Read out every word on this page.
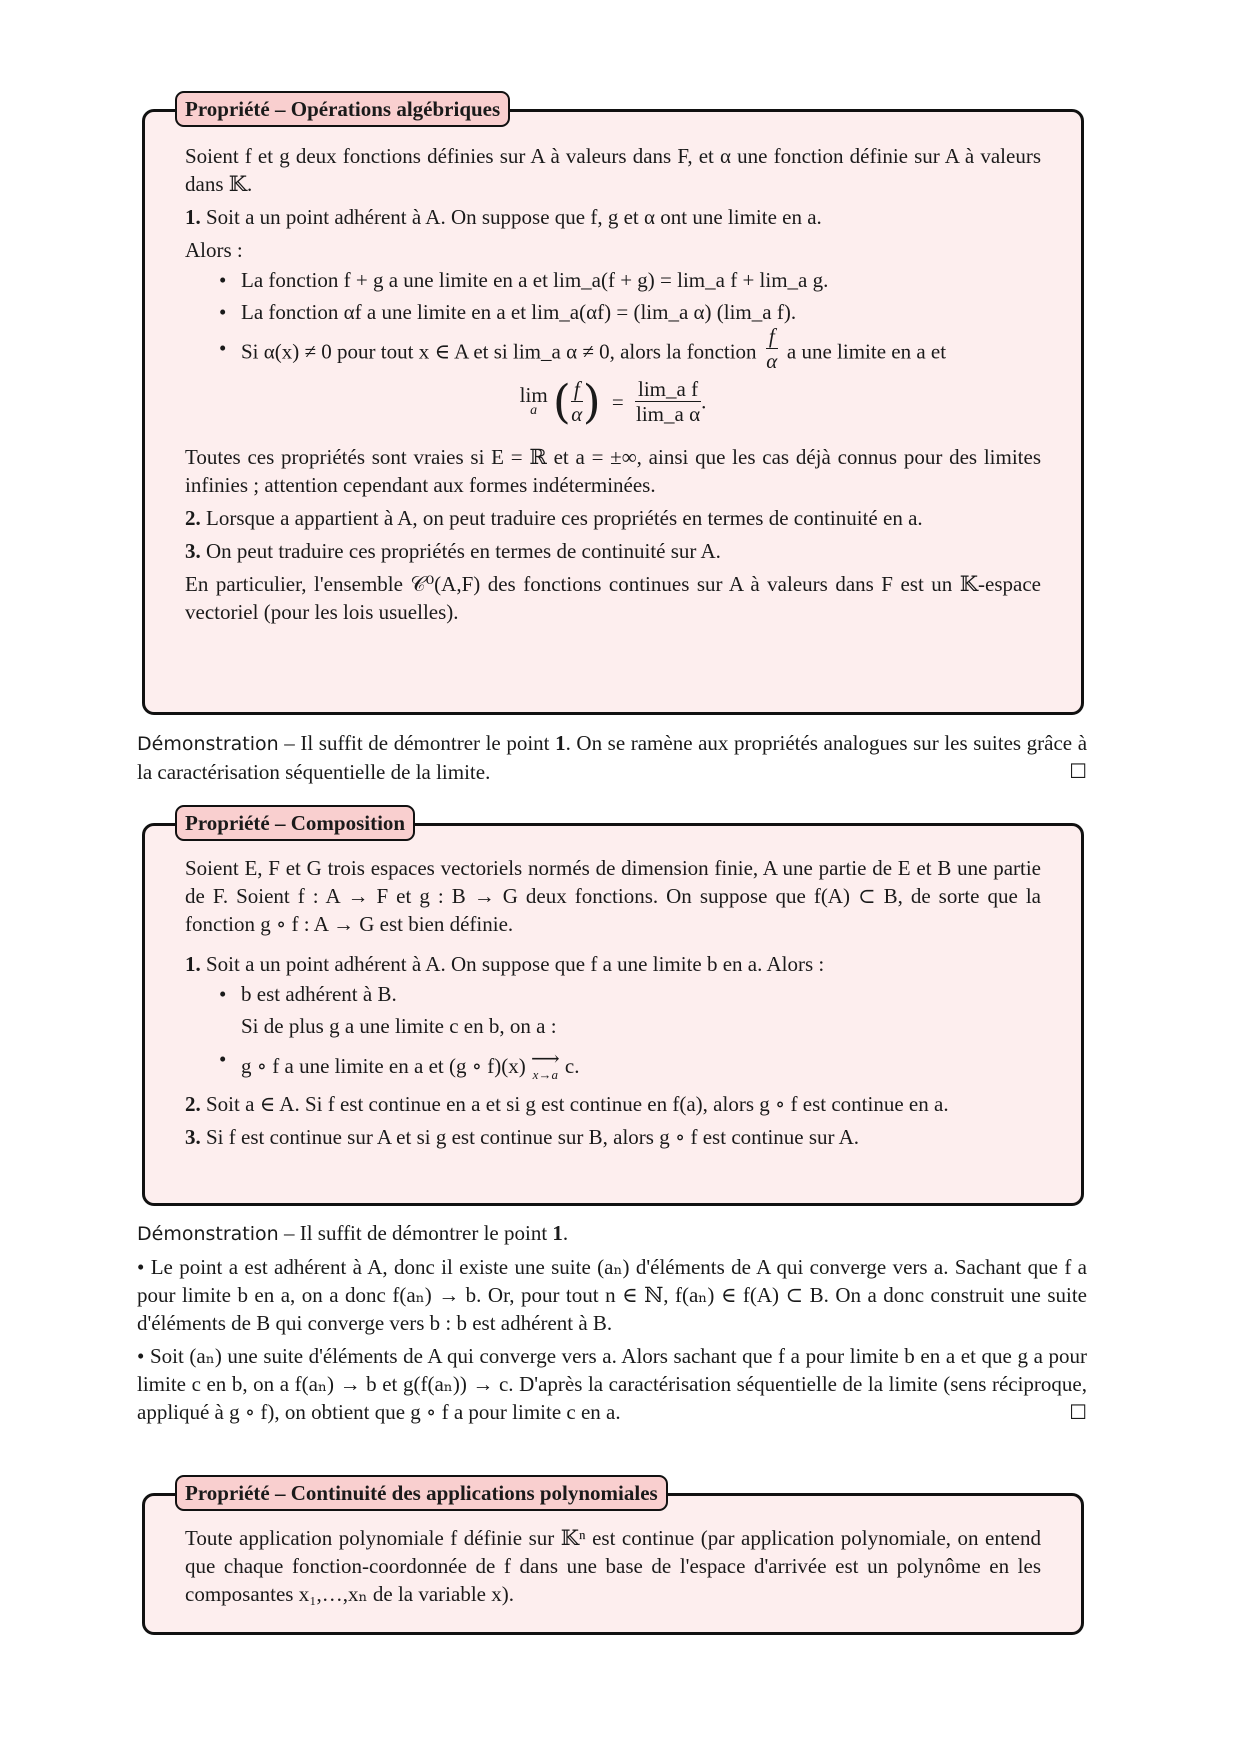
Propriété – Opérations algébriques

Soient f et g deux fonctions définies sur A à valeurs dans F, et α une fonction définie sur A à valeurs dans 𝕂.

1. Soit a un point adhérent à A. On suppose que f, g et α ont une limite en a.

Alors :

• La fonction f + g a une limite en a et lim_a(f + g) = lim_a f + lim_a g.
• La fonction αf a une limite en a et lim_a(αf) = (lim_a α) (lim_a f).
• Si α(x) ≠ 0 pour tout x ∈ A et si lim_a α ≠ 0, alors la fonction $\frac{f}{\alpha}$ a une limite en a et
lim
a ( $\frac{f}{\alpha}$ ) = $\frac{\text{lim\_a f}}{\text{lim\_a α}}$ .

Toutes ces propriétés sont vraies si E = ℝ et a = ±∞, ainsi que les cas déjà connus pour des limites infinies ; attention cependant aux formes indéterminées.

2. Lorsque a appartient à A, on peut traduire ces propriétés en termes de continuité en a.

3. On peut traduire ces propriétés en termes de continuité sur A.

En particulier, l'ensemble 𝒞⁰(A,F) des fonctions continues sur A à valeurs dans F est un 𝕂-espace vectoriel (pour les lois usuelles).

Démonstration – Il suffit de démontrer le point 1. On se ramène aux propriétés analogues sur les suites grâce à la caractérisation séquentielle de la limite.	☐
Propriété – Composition

Soient E, F et G trois espaces vectoriels normés de dimension finie, A une partie de E et B une partie de F. Soient f : A → F et g : B → G deux fonctions. On suppose que f(A) ⊂ B, de sorte que la fonction g ∘ f : A → G est bien définie.

1. Soit a un point adhérent à A. On suppose que f a une limite b en a. Alors :

• b est adhérent à B.

Si de plus g a une limite c en b, on a :

• g ∘ f a une limite en a et (g ∘ f)(x) ⟶
x→a c.

2. Soit a ∈ A. Si f est continue en a et si g est continue en f(a), alors g ∘ f est continue en a.

3. Si f est continue sur A et si g est continue sur B, alors g ∘ f est continue sur A.

Démonstration – Il suffit de démontrer le point 1.

• Le point a est adhérent à A, donc il existe une suite (aₙ) d'éléments de A qui converge vers a. Sachant que f a pour limite b en a, on a donc f(aₙ) → b. Or, pour tout n ∈ ℕ, f(aₙ) ∈ f(A) ⊂ B. On a donc construit une suite d'éléments de B qui converge vers b : b est adhérent à B.

• Soit (aₙ) une suite d'éléments de A qui converge vers a. Alors sachant que f a pour limite b en a et que g a pour limite c en b, on a f(aₙ) → b et g(f(aₙ)) → c. D'après la caractérisation séquentielle de la limite (sens réciproque, appliqué à g ∘ f), on obtient que g ∘ f a pour limite c en a.	☐
Propriété – Continuité des applications polynomiales

Toute application polynomiale f définie sur 𝕂ⁿ est continue (par application polynomiale, on entend que chaque fonction-coordonnée de f dans une base de l'espace d'arrivée est un polynôme en les composantes x₁,…,xₙ de la variable x).
